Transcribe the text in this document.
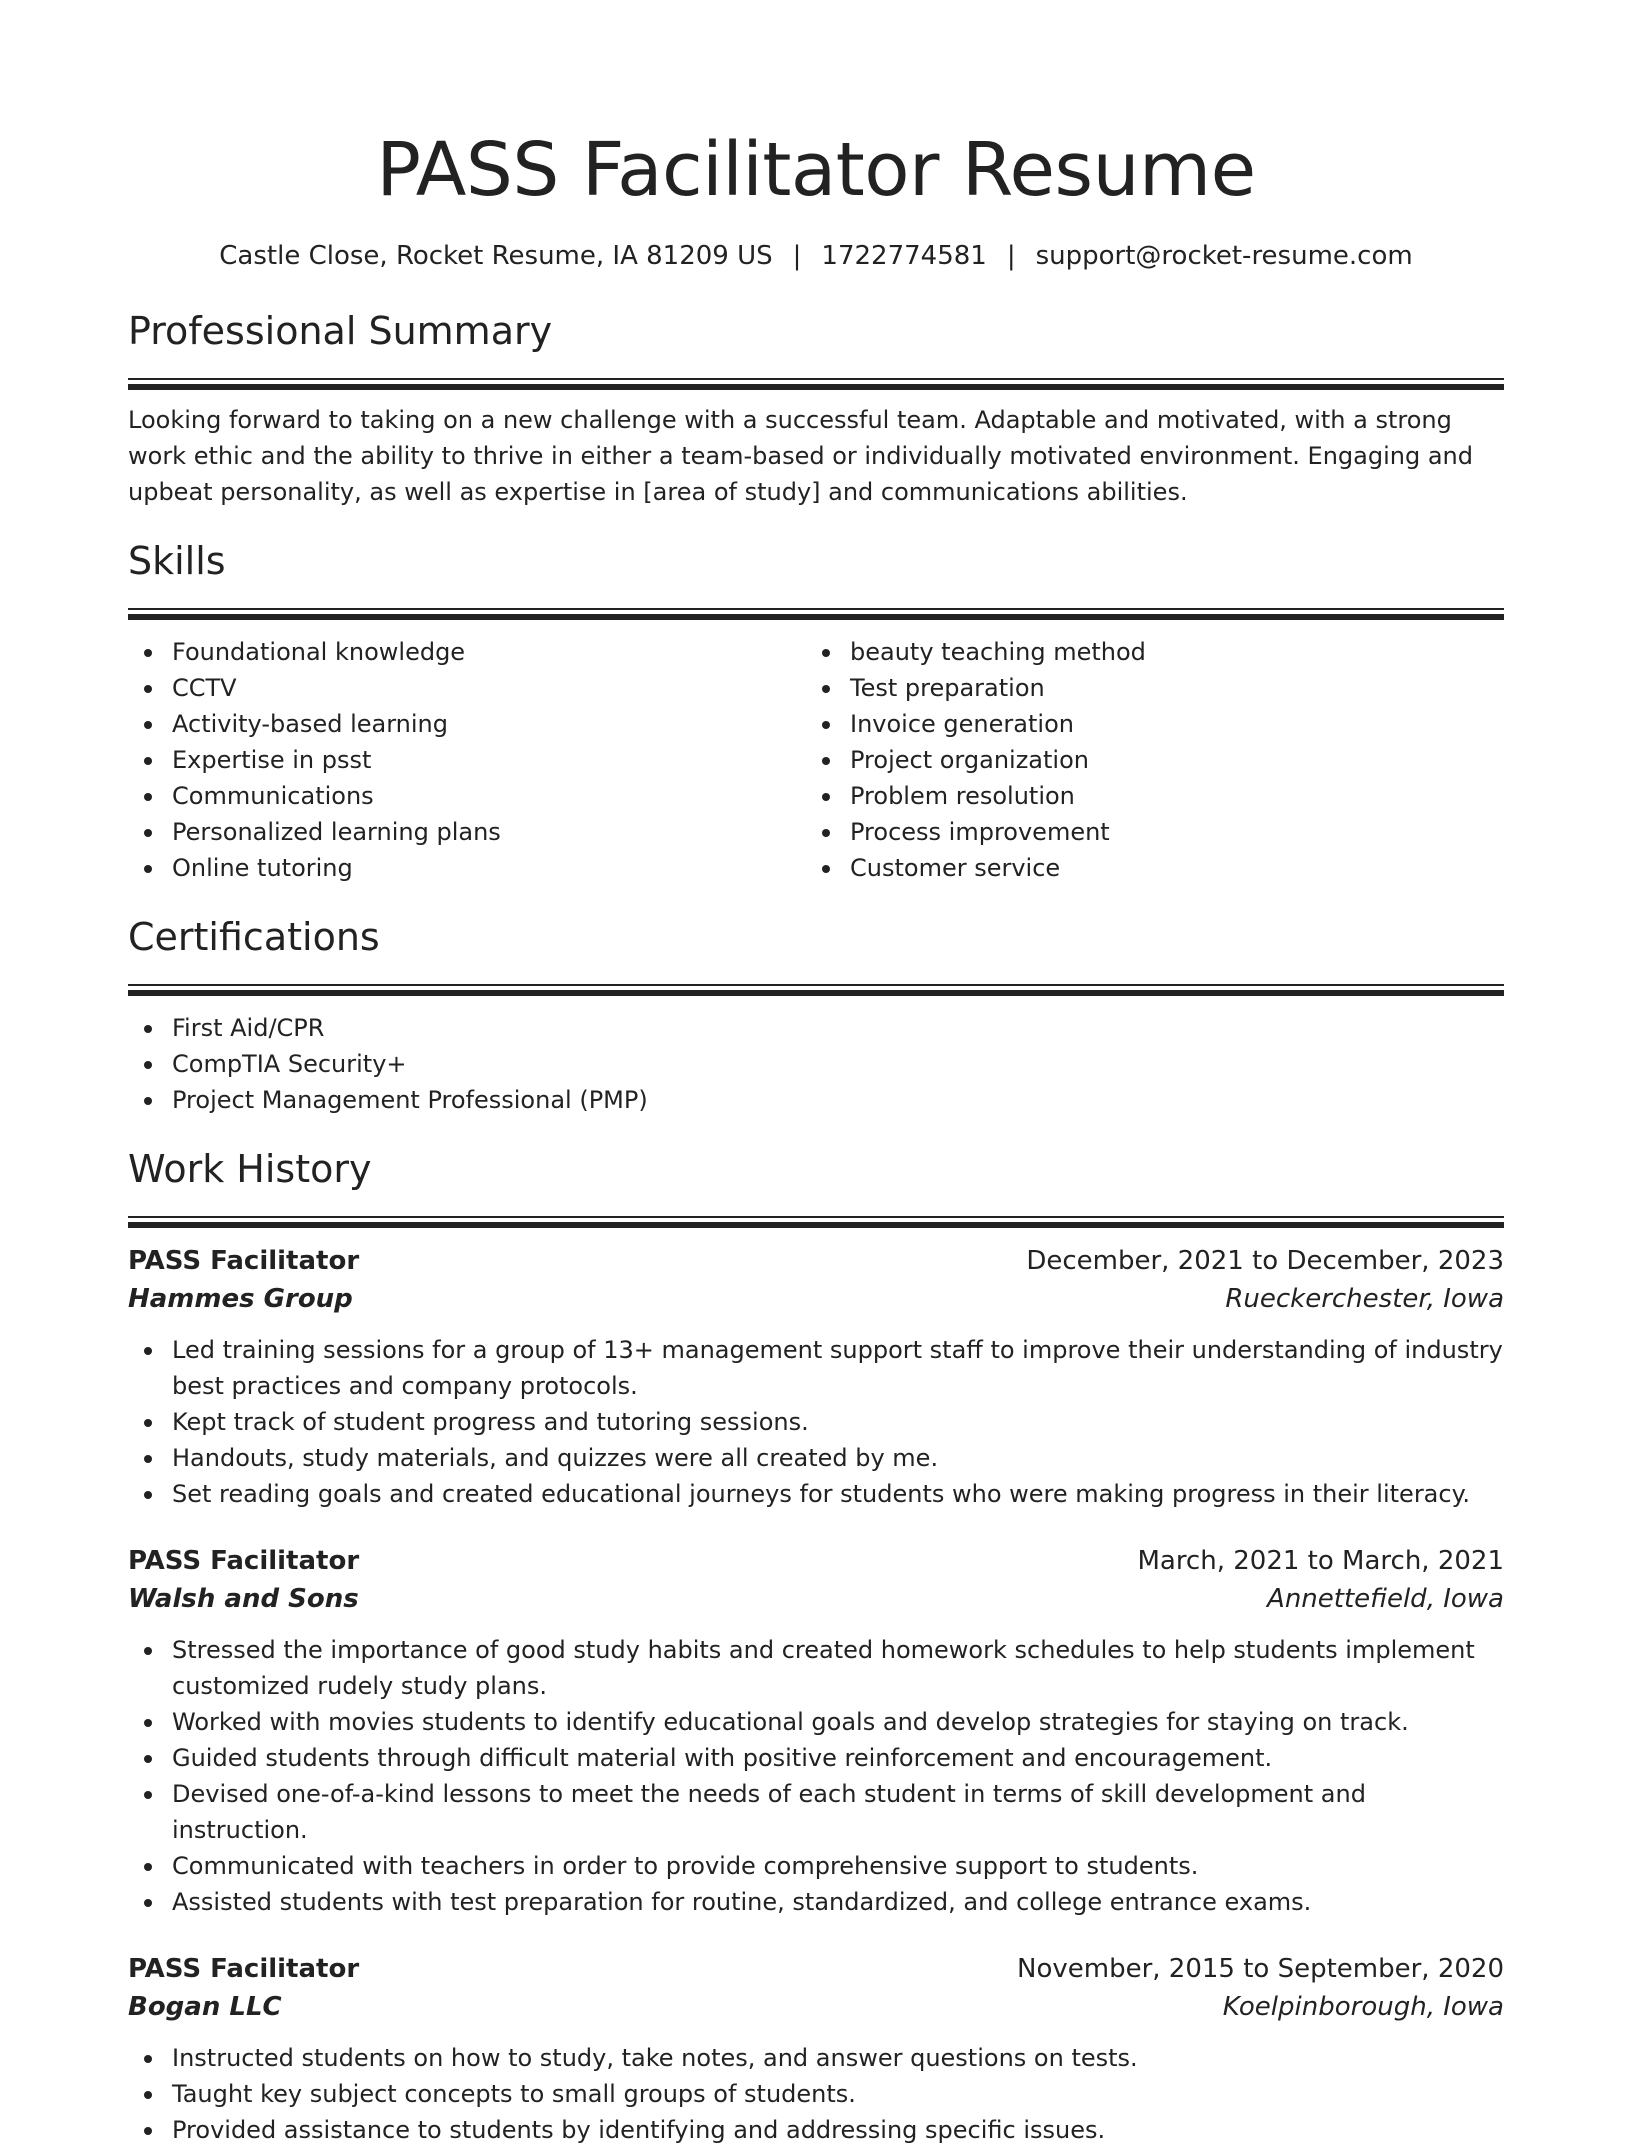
PASS Facilitator Resume
Castle Close, Rocket Resume, IA 81209 US | 1722774581 | support@rocket-resume.com
Professional Summary

Looking forward to taking on a new challenge with a successful team. Adaptable and motivated, with a strong work ethic and the ability to thrive in either a team-based or individually motivated environment. Engaging and upbeat personality, as well as expertise in [area of study] and communications abilities.

Skills
Foundational knowledge
CCTV
Activity-based learning
Expertise in psst
Communications
Personalized learning plans
Online tutoring
beauty teaching method
Test preparation
Invoice generation
Project organization
Problem resolution
Process improvement
Customer service
Certifications
First Aid/CPR
CompTIA Security+
Project Management Professional (PMP)
Work History
PASS Facilitator	December, 2021 to December, 2023
Hammes Group	Rueckerchester, Iowa
Led training sessions for a group of 13+ management support staff to improve their understanding of industry best practices and company protocols.
Kept track of student progress and tutoring sessions.
Handouts, study materials, and quizzes were all created by me.
Set reading goals and created educational journeys for students who were making progress in their literacy.
PASS Facilitator	March, 2021 to March, 2021
Walsh and Sons	Annettefield, Iowa
Stressed the importance of good study habits and created homework schedules to help students implement customized rudely study plans.
Worked with movies students to identify educational goals and develop strategies for staying on track.
Guided students through difficult material with positive reinforcement and encouragement.
Devised one-of-a-kind lessons to meet the needs of each student in terms of skill development and instruction.
Communicated with teachers in order to provide comprehensive support to students.
Assisted students with test preparation for routine, standardized, and college entrance exams.
PASS Facilitator	November, 2015 to September, 2020
Bogan LLC	Koelpinborough, Iowa
Instructed students on how to study, take notes, and answer questions on tests.
Taught key subject concepts to small groups of students.
Provided assistance to students by identifying and addressing specific issues.
